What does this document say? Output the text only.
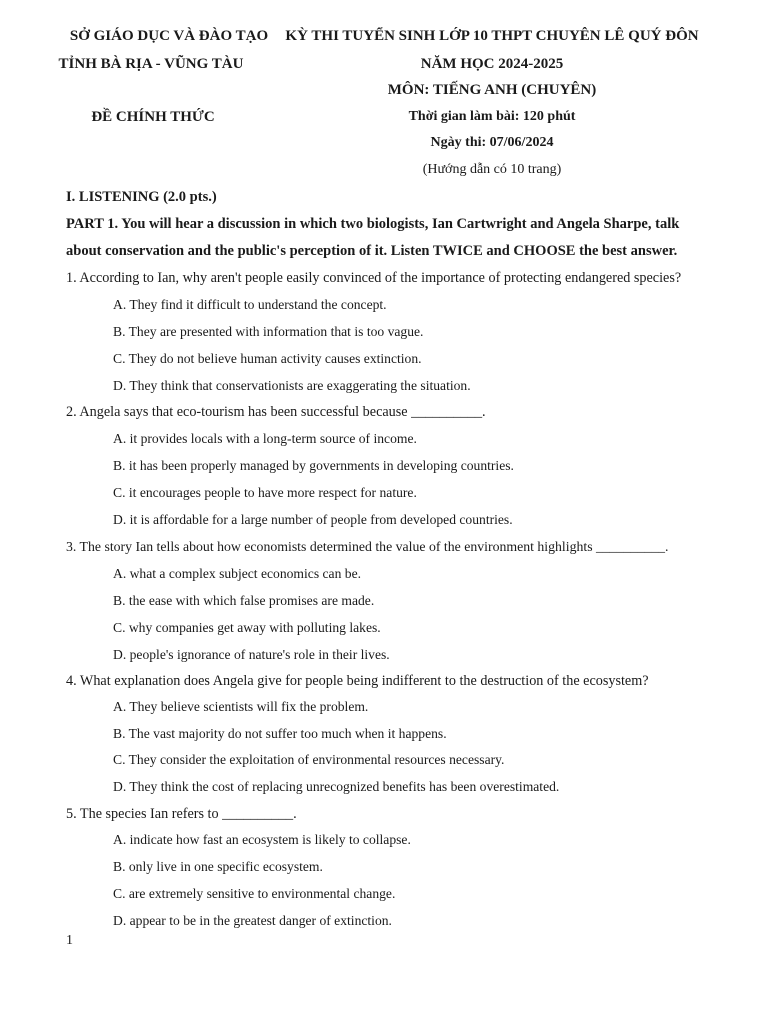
SỞ GIÁO DỤC VÀ ĐÀO TẠO
TỈNH BÀ RỊA - VŨNG TÀU
ĐỀ CHÍNH THỨC
KỲ THI TUYỂN SINH LỚP 10 THPT CHUYÊN LÊ QUÝ ĐÔN
NĂM HỌC 2024-2025
MÔN: TIẾNG ANH (CHUYÊN)
Thời gian làm bài: 120 phút
Ngày thi: 07/06/2024
(Hướng dẫn có 10 trang)
I. LISTENING (2.0 pts.)
PART 1. You will hear a discussion in which two biologists, Ian Cartwright and Angela Sharpe, talk
about conservation and the public's perception of it. Listen TWICE and CHOOSE the best answer.
1. According to Ian, why aren't people easily convinced of the importance of protecting endangered species?
A. They find it difficult to understand the concept.
B. They are presented with information that is too vague.
C. They do not believe human activity causes extinction.
D. They think that conservationists are exaggerating the situation.
2. Angela says that eco-tourism has been successful because __________.
A. it provides locals with a long-term source of income.
B. it has been properly managed by governments in developing countries.
C. it encourages people to have more respect for nature.
D. it is affordable for a large number of people from developed countries.
3. The story Ian tells about how economists determined the value of the environment highlights __________.
A. what a complex subject economics can be.
B. the ease with which false promises are made.
C. why companies get away with polluting lakes.
D. people's ignorance of nature's role in their lives.
4. What explanation does Angela give for people being indifferent to the destruction of the ecosystem?
A. They believe scientists will fix the problem.
B. The vast majority do not suffer too much when it happens.
C. They consider the exploitation of environmental resources necessary.
D. They think the cost of replacing unrecognized benefits has been overestimated.
5. The species Ian refers to __________.
A. indicate how fast an ecosystem is likely to collapse.
B. only live in one specific ecosystem.
C. are extremely sensitive to environmental change.
D. appear to be in the greatest danger of extinction.
1
